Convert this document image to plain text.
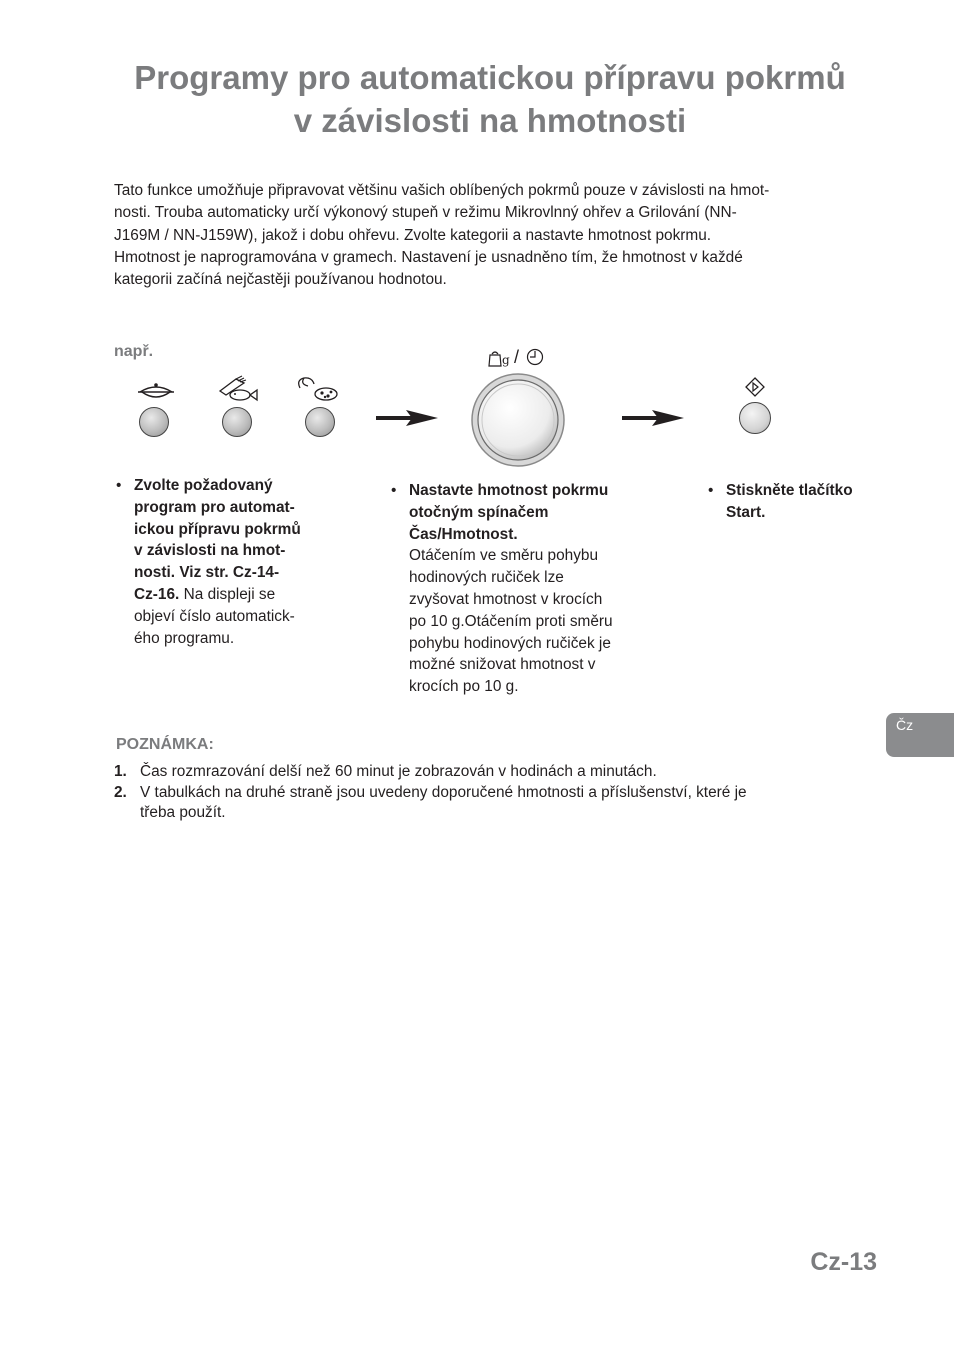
Programy pro automatickou přípravu pokrmů
v závislosti na hmotnosti
Tato funkce umožňuje připravovat většinu vašich oblíbených pokrmů pouze v závislosti na hmot-
nosti. Trouba automaticky určí výkonový stupeň v režimu Mikrovlnný ohřev a Grilování (NN-
J169M / NN-J159W), jakož i dobu ohřevu. Zvolte kategorii a nastavte hmotnost pokrmu.
Hmotnost je naprogramována v gramech. Nastavení je usnadněno tím, že hmotnost v každé
kategorii začíná nejčastěji používanou hodnotou.
např.	g /
• Zvolte požadovaný
program pro automat-
ickou přípravu pokrmů
v závislosti na hmot-
nosti. Viz str. Cz-14-
Cz-16. Na displeji se
objeví číslo automatick-
ého programu.
• Nastavte hmotnost pokrmu
otočným spínačem
Čas/Hmotnost.
Otáčením ve směru pohybu
hodinových ručiček lze
zvyšovat hmotnost v krocích
po 10 g.Otáčením proti směru
pohybu hodinových ručiček je
možné snižovat hmotnost v
krocích po 10 g.
• Stiskněte tlačítko
Start.
Čz
POZNÁMKA:
1. Čas rozmrazování delší než 60 minut je zobrazován v hodinách a minutách.
2. V tabulkách na druhé straně jsou uvedeny doporučené hmotnosti a příslušenství, které je
třeba použít.
Cz-13
